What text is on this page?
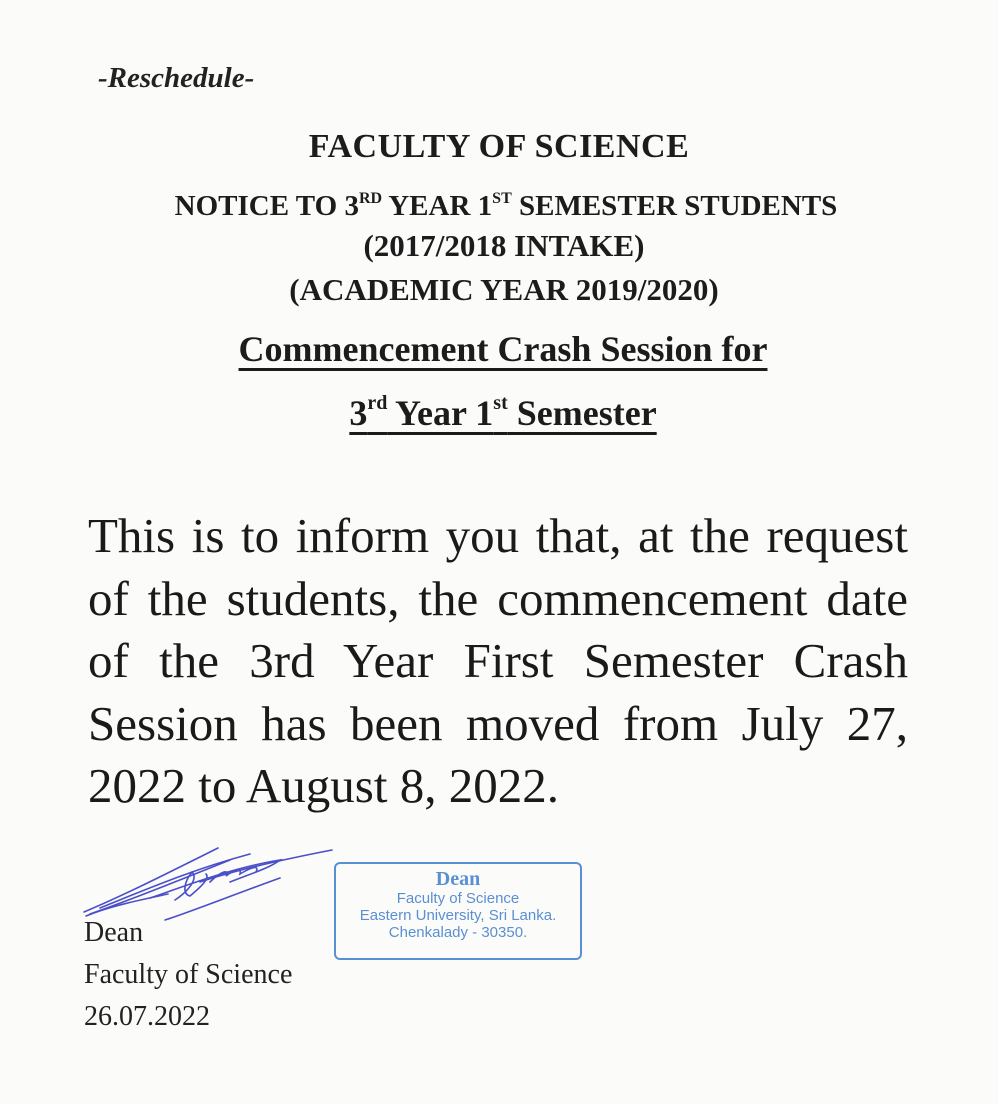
-Reschedule-
FACULTY OF SCIENCE
NOTICE TO 3RD YEAR 1ST SEMESTER STUDENTS
(2017/2018 INTAKE)
(ACADEMIC YEAR 2019/2020)
Commencement Crash Session for
3rd Year 1st Semester
This is to inform you that, at the request of the students, the commencement date of the 3rd Year First Semester Crash Session has been moved from July 27, 2022 to August 8, 2022.
Dean
Faculty of Science
Eastern University, Sri Lanka.
Chenkalady - 30350.
Dean
Faculty of Science
26.07.2022
